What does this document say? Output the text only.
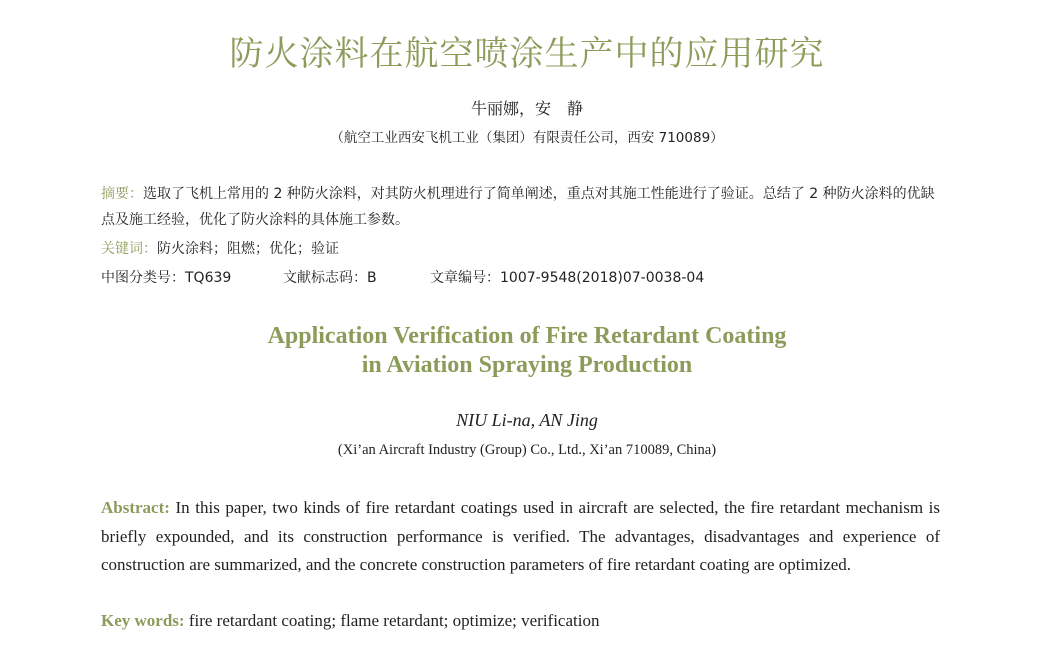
防火涂料在航空喷涂生产中的应用研究
牛丽娜，安　静
（航空工业西安飞机工业（集团）有限责任公司，西安 710089）
摘要：选取了飞机上常用的 2 种防火涂料，对其防火机理进行了简单阐述，重点对其施工性能进行了验证。总结了 2 种防火涂料的优缺点及施工经验，优化了防火涂料的具体施工参数。
关键词：防火涂料；阻燃；优化；验证
中图分类号：TQ639	文献标志码：B	文章编号：1007-9548(2018)07-0038-04
Application Verification of Fire Retardant Coating
in Aviation Spraying Production
NIU Li-na, AN Jing
(Xi’an Aircraft Industry (Group) Co., Ltd., Xi’an 710089, China)
Abstract: In this paper, two kinds of fire retardant coatings used in aircraft are selected, the fire retardant mechanism is briefly expounded, and its construction performance is verified. The advantages, disadvantages and experience of construction are summarized, and the concrete construction parameters of fire retardant coating are optimized.
Key words: fire retardant coating; flame retardant; optimize; verification
